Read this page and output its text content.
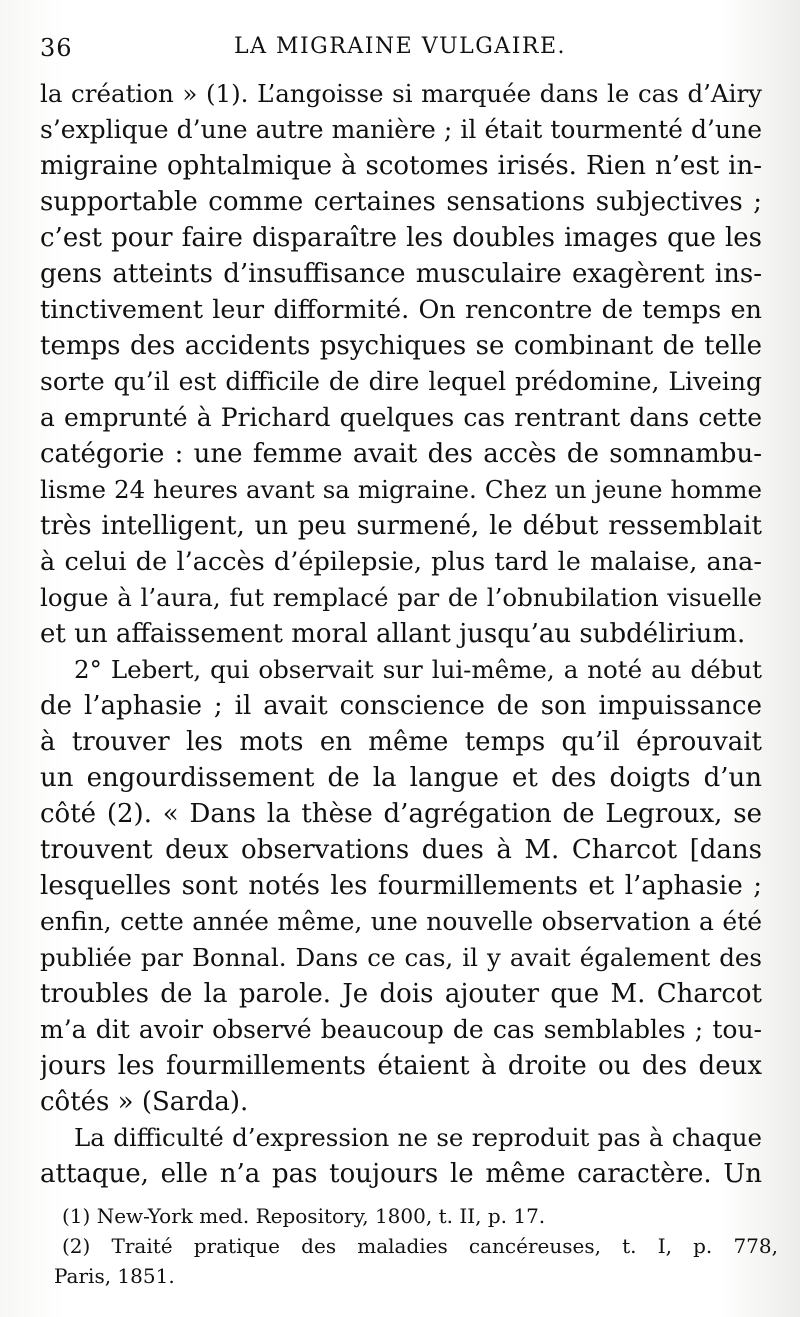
36	LA MIGRAINE VULGAIRE.
la création » (1). L’angoisse si marquée dans le cas d’Airy
s’explique d’une autre manière ; il était tourmenté d’une
migraine ophtalmique à scotomes irisés. Rien n’est in-
supportable comme certaines sensations subjectives ;
c’est pour faire disparaître les doubles images que les
gens atteints d’insuffisance musculaire exagèrent ins-
tinctivement leur difformité. On rencontre de temps en
temps des accidents psychiques se combinant de telle
sorte qu’il est difficile de dire lequel prédomine, Liveing
a emprunté à Prichard quelques cas rentrant dans cette
catégorie : une femme avait des accès de somnambu-
lisme 24 heures avant sa migraine. Chez un jeune homme
très intelligent, un peu surmené, le début ressemblait
à celui de l’accès d’épilepsie, plus tard le malaise, ana-
logue à l’aura, fut remplacé par de l’obnubilation visuelle
et un affaissement moral allant jusqu’au subdélirium.
2° Lebert, qui observait sur lui-même, a noté au début
de l’aphasie ; il avait conscience de son impuissance
à trouver les mots en même temps qu’il éprouvait
un engourdissement de la langue et des doigts d’un
côté (2). « Dans la thèse d’agrégation de Legroux, se
trouvent deux observations dues à M. Charcot [dans
lesquelles sont notés les fourmillements et l’aphasie ;
enfin, cette année même, une nouvelle observation a été
publiée par Bonnal. Dans ce cas, il y avait également des
troubles de la parole. Je dois ajouter que M. Charcot
m’a dit avoir observé beaucoup de cas semblables ; tou-
jours les fourmillements étaient à droite ou des deux
côtés » (Sarda).
La difficulté d’expression ne se reproduit pas à chaque
attaque, elle n’a pas toujours le même caractère. Un
(1) New-York med. Repository, 1800, t. II, p. 17.
(2) Traité pratique des maladies cancéreuses, t. I, p. 778,
Paris, 1851.
